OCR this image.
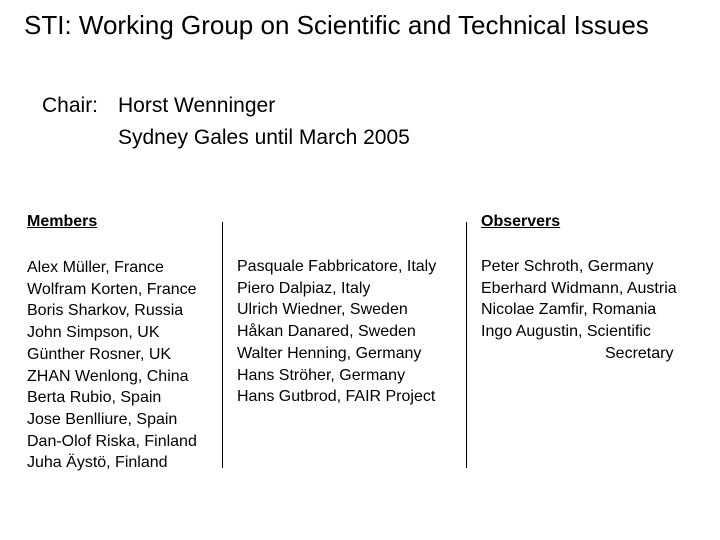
STI: Working Group on Scientific and Technical Issues
Chair: Horst Wenninger
Sydney Gales until March 2005
Members	Observers
Alex Müller, France
Wolfram Korten, France
Boris Sharkov, Russia
John Simpson, UK
Günther Rosner, UK
ZHAN Wenlong, China
Berta Rubio, Spain
Jose Benlliure, Spain
Dan-Olof Riska, Finland
Juha Äystö, Finland
Pasquale Fabbricatore, Italy
Piero Dalpiaz, Italy
Ulrich Wiedner, Sweden
Håkan Danared, Sweden
Walter Henning, Germany
Hans Ströher, Germany
Hans Gutbrod, FAIR Project
Peter Schroth, Germany
Eberhard Widmann, Austria
Nicolae Zamfir, Romania
Ingo Augustin, Scientific
Secretary
